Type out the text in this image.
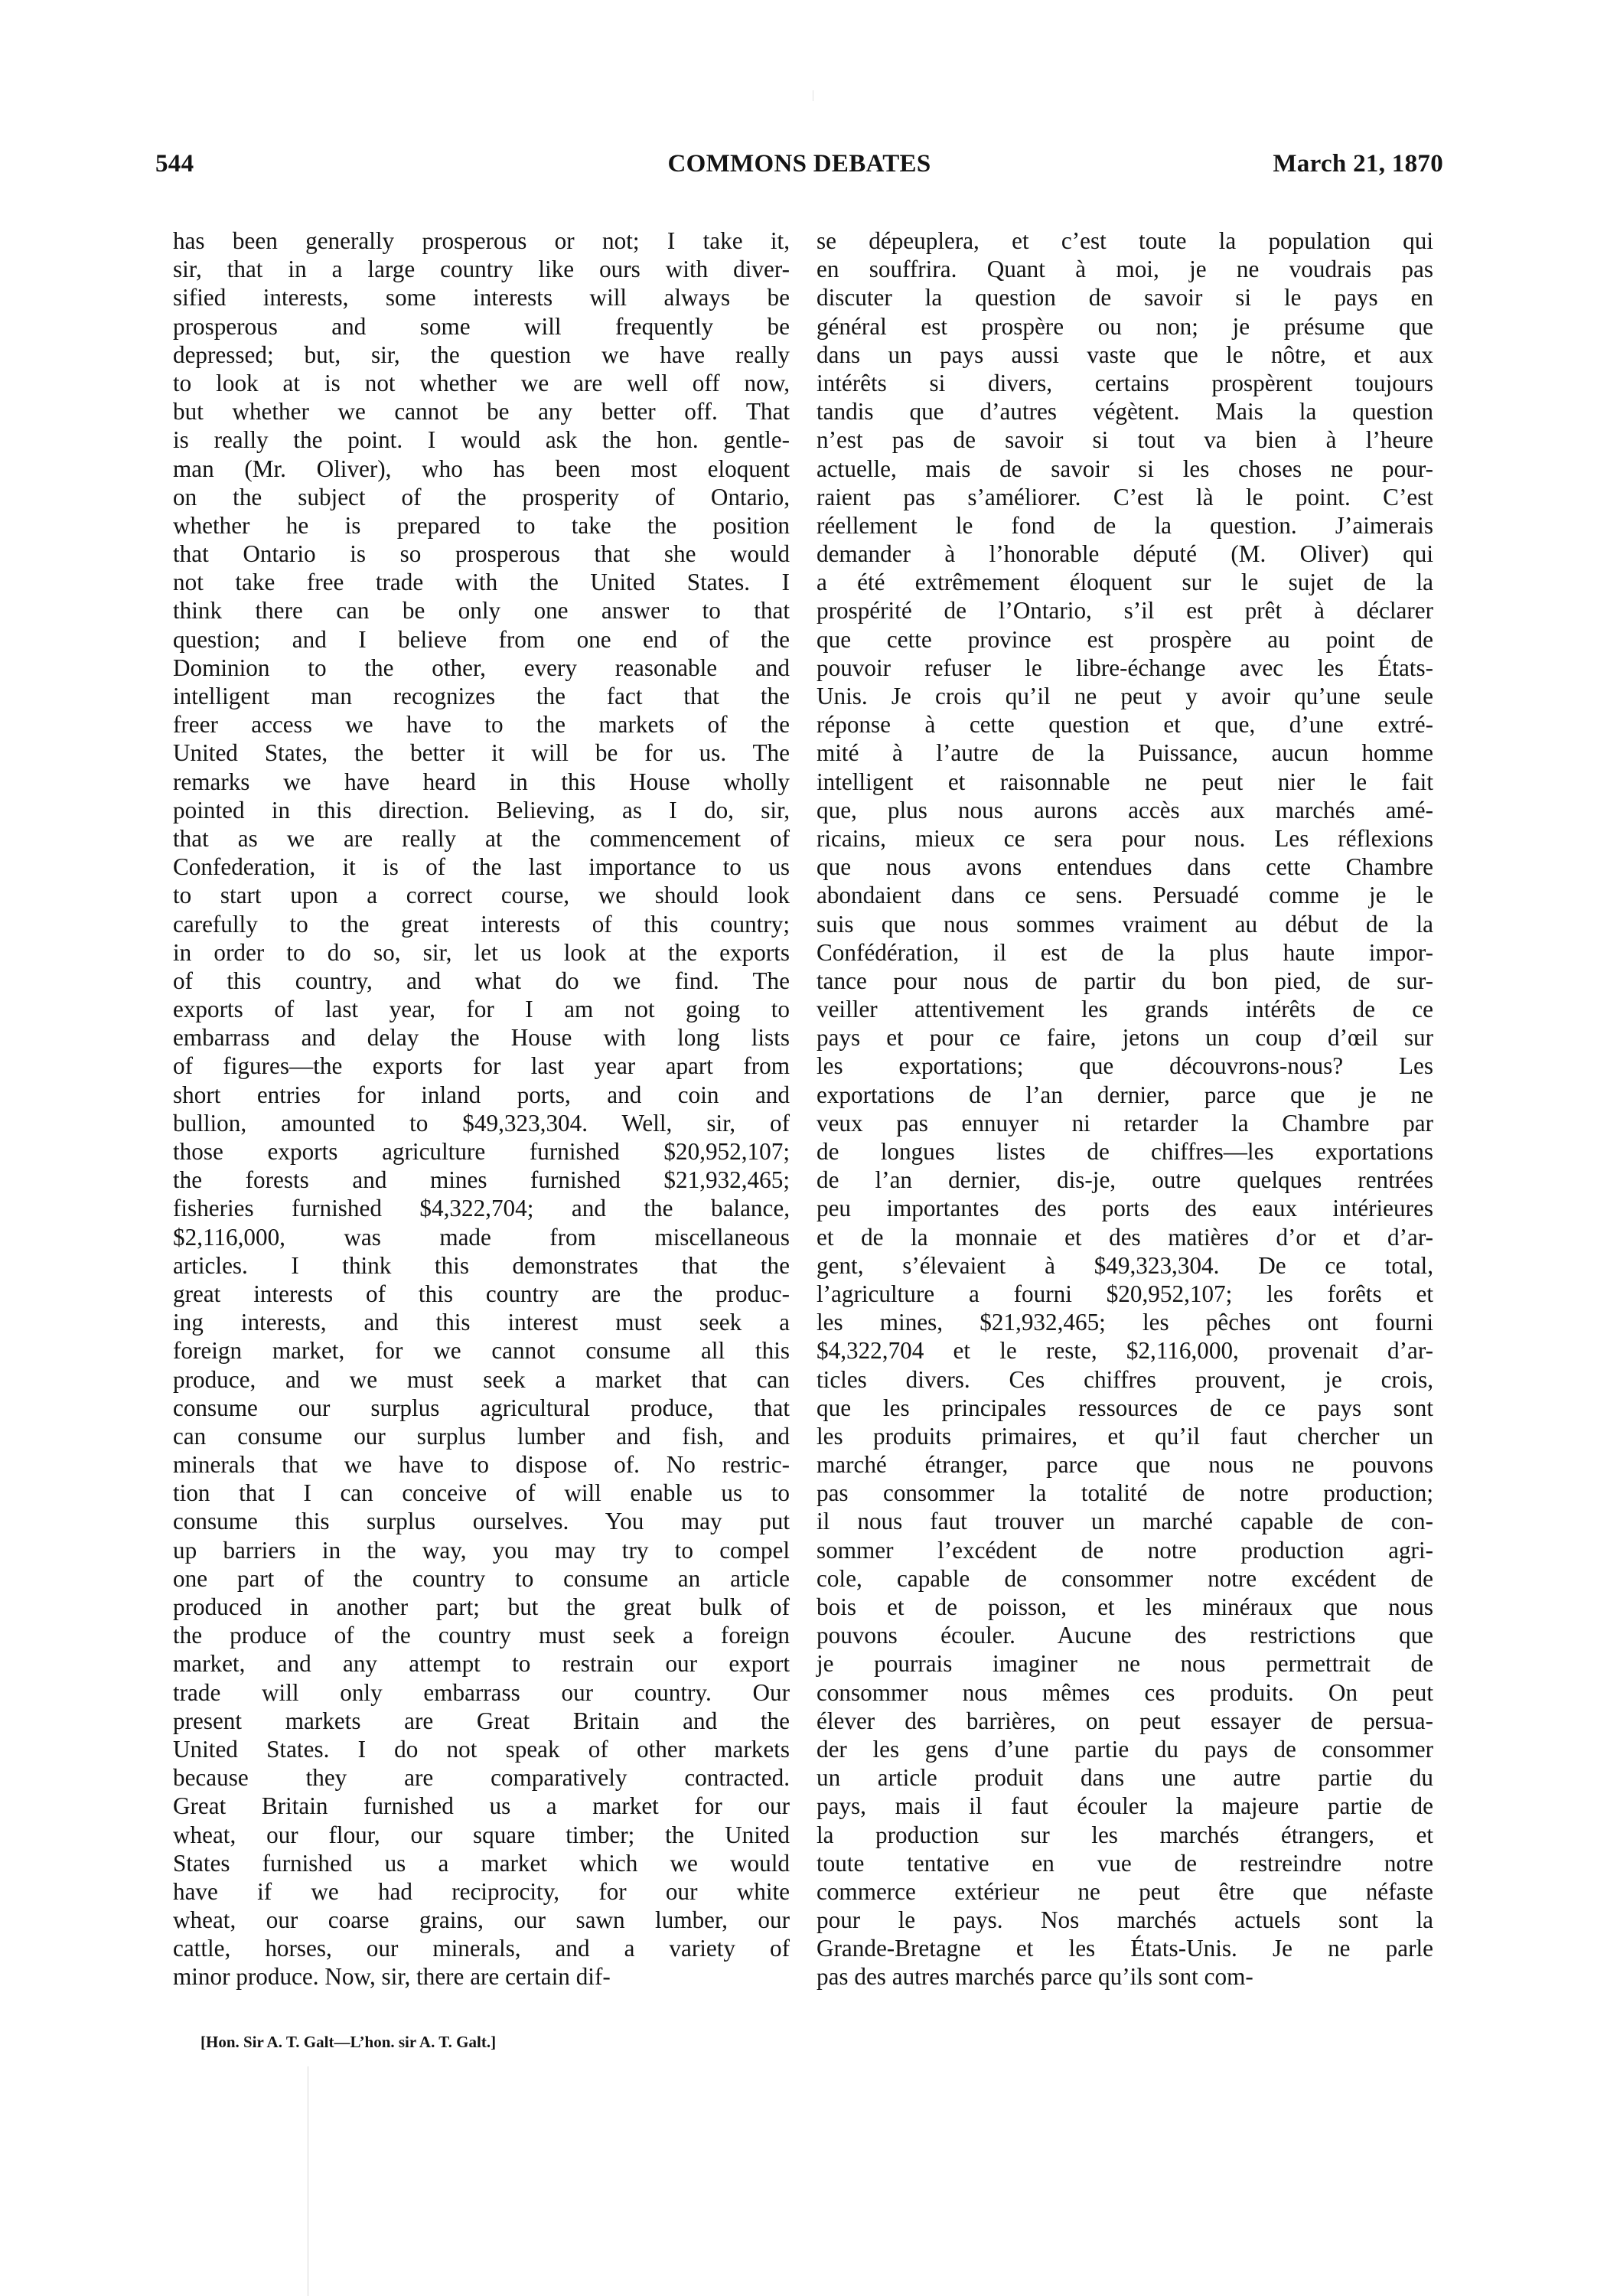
544	COMMONS DEBATES	March 21, 1870
has been generally prosperous or not; I take it,
sir, that in a large country like ours with diver-
sified interests, some interests will always be
prosperous and some will frequently be
depressed; but, sir, the question we have really
to look at is not whether we are well off now,
but whether we cannot be any better off. That
is really the point. I would ask the hon. gentle-
man (Mr. Oliver), who has been most eloquent
on the subject of the prosperity of Ontario,
whether he is prepared to take the position
that Ontario is so prosperous that she would
not take free trade with the United States. I
think there can be only one answer to that
question; and I believe from one end of the
Dominion to the other, every reasonable and
intelligent man recognizes the fact that the
freer access we have to the markets of the
United States, the better it will be for us. The
remarks we have heard in this House wholly
pointed in this direction. Believing, as I do, sir,
that as we are really at the commencement of
Confederation, it is of the last importance to us
to start upon a correct course, we should look
carefully to the great interests of this country;
in order to do so, sir, let us look at the exports
of this country, and what do we find. The
exports of last year, for I am not going to
embarrass and delay the House with long lists
of figures—the exports for last year apart from
short entries for inland ports, and coin and
bullion, amounted to $49,323,304. Well, sir, of
those exports agriculture furnished $20,952,107;
the forests and mines furnished $21,932,465;
fisheries furnished $4,322,704; and the balance,
$2,116,000, was made from miscellaneous
articles. I think this demonstrates that the
great interests of this country are the produc-
ing interests, and this interest must seek a
foreign market, for we cannot consume all this
produce, and we must seek a market that can
consume our surplus agricultural produce, that
can consume our surplus lumber and fish, and
minerals that we have to dispose of. No restric-
tion that I can conceive of will enable us to
consume this surplus ourselves. You may put
up barriers in the way, you may try to compel
one part of the country to consume an article
produced in another part; but the great bulk of
the produce of the country must seek a foreign
market, and any attempt to restrain our export
trade will only embarrass our country. Our
present markets are Great Britain and the
United States. I do not speak of other markets
because they are comparatively contracted.
Great Britain furnished us a market for our
wheat, our flour, our square timber; the United
States furnished us a market which we would
have if we had reciprocity, for our white
wheat, our coarse grains, our sawn lumber, our
cattle, horses, our minerals, and a variety of
minor produce. Now, sir, there are certain dif-
se dépeuplera, et c’est toute la population qui
en souffrira. Quant à moi, je ne voudrais pas
discuter la question de savoir si le pays en
général est prospère ou non; je présume que
dans un pays aussi vaste que le nôtre, et aux
intérêts si divers, certains prospèrent toujours
tandis que d’autres végètent. Mais la question
n’est pas de savoir si tout va bien à l’heure
actuelle, mais de savoir si les choses ne pour-
raient pas s’améliorer. C’est là le point. C’est
réellement le fond de la question. J’aimerais
demander à l’honorable député (M. Oliver) qui
a été extrêmement éloquent sur le sujet de la
prospérité de l’Ontario, s’il est prêt à déclarer
que cette province est prospère au point de
pouvoir refuser le libre-échange avec les États-
Unis. Je crois qu’il ne peut y avoir qu’une seule
réponse à cette question et que, d’une extré-
mité à l’autre de la Puissance, aucun homme
intelligent et raisonnable ne peut nier le fait
que, plus nous aurons accès aux marchés amé-
ricains, mieux ce sera pour nous. Les réflexions
que nous avons entendues dans cette Chambre
abondaient dans ce sens. Persuadé comme je le
suis que nous sommes vraiment au début de la
Confédération, il est de la plus haute impor-
tance pour nous de partir du bon pied, de sur-
veiller attentivement les grands intérêts de ce
pays et pour ce faire, jetons un coup d’œil sur
les exportations; que découvrons-nous? Les
exportations de l’an dernier, parce que je ne
veux pas ennuyer ni retarder la Chambre par
de longues listes de chiffres—les exportations
de l’an dernier, dis-je, outre quelques rentrées
peu importantes des ports des eaux intérieures
et de la monnaie et des matières d’or et d’ar-
gent, s’élevaient à $49,323,304. De ce total,
l’agriculture a fourni $20,952,107; les forêts et
les mines, $21,932,465; les pêches ont fourni
$4,322,704 et le reste, $2,116,000, provenait d’ar-
ticles divers. Ces chiffres prouvent, je crois,
que les principales ressources de ce pays sont
les produits primaires, et qu’il faut chercher un
marché étranger, parce que nous ne pouvons
pas consommer la totalité de notre production;
il nous faut trouver un marché capable de con-
sommer l’excédent de notre production agri-
cole, capable de consommer notre excédent de
bois et de poisson, et les minéraux que nous
pouvons écouler. Aucune des restrictions que
je pourrais imaginer ne nous permettrait de
consommer nous mêmes ces produits. On peut
élever des barrières, on peut essayer de persua-
der les gens d’une partie du pays de consommer
un article produit dans une autre partie du
pays, mais il faut écouler la majeure partie de
la production sur les marchés étrangers, et
toute tentative en vue de restreindre notre
commerce extérieur ne peut être que néfaste
pour le pays. Nos marchés actuels sont la
Grande-Bretagne et les États-Unis. Je ne parle
pas des autres marchés parce qu’ils sont com-
[Hon. Sir A. T. Galt—L’hon. sir A. T. Galt.]
